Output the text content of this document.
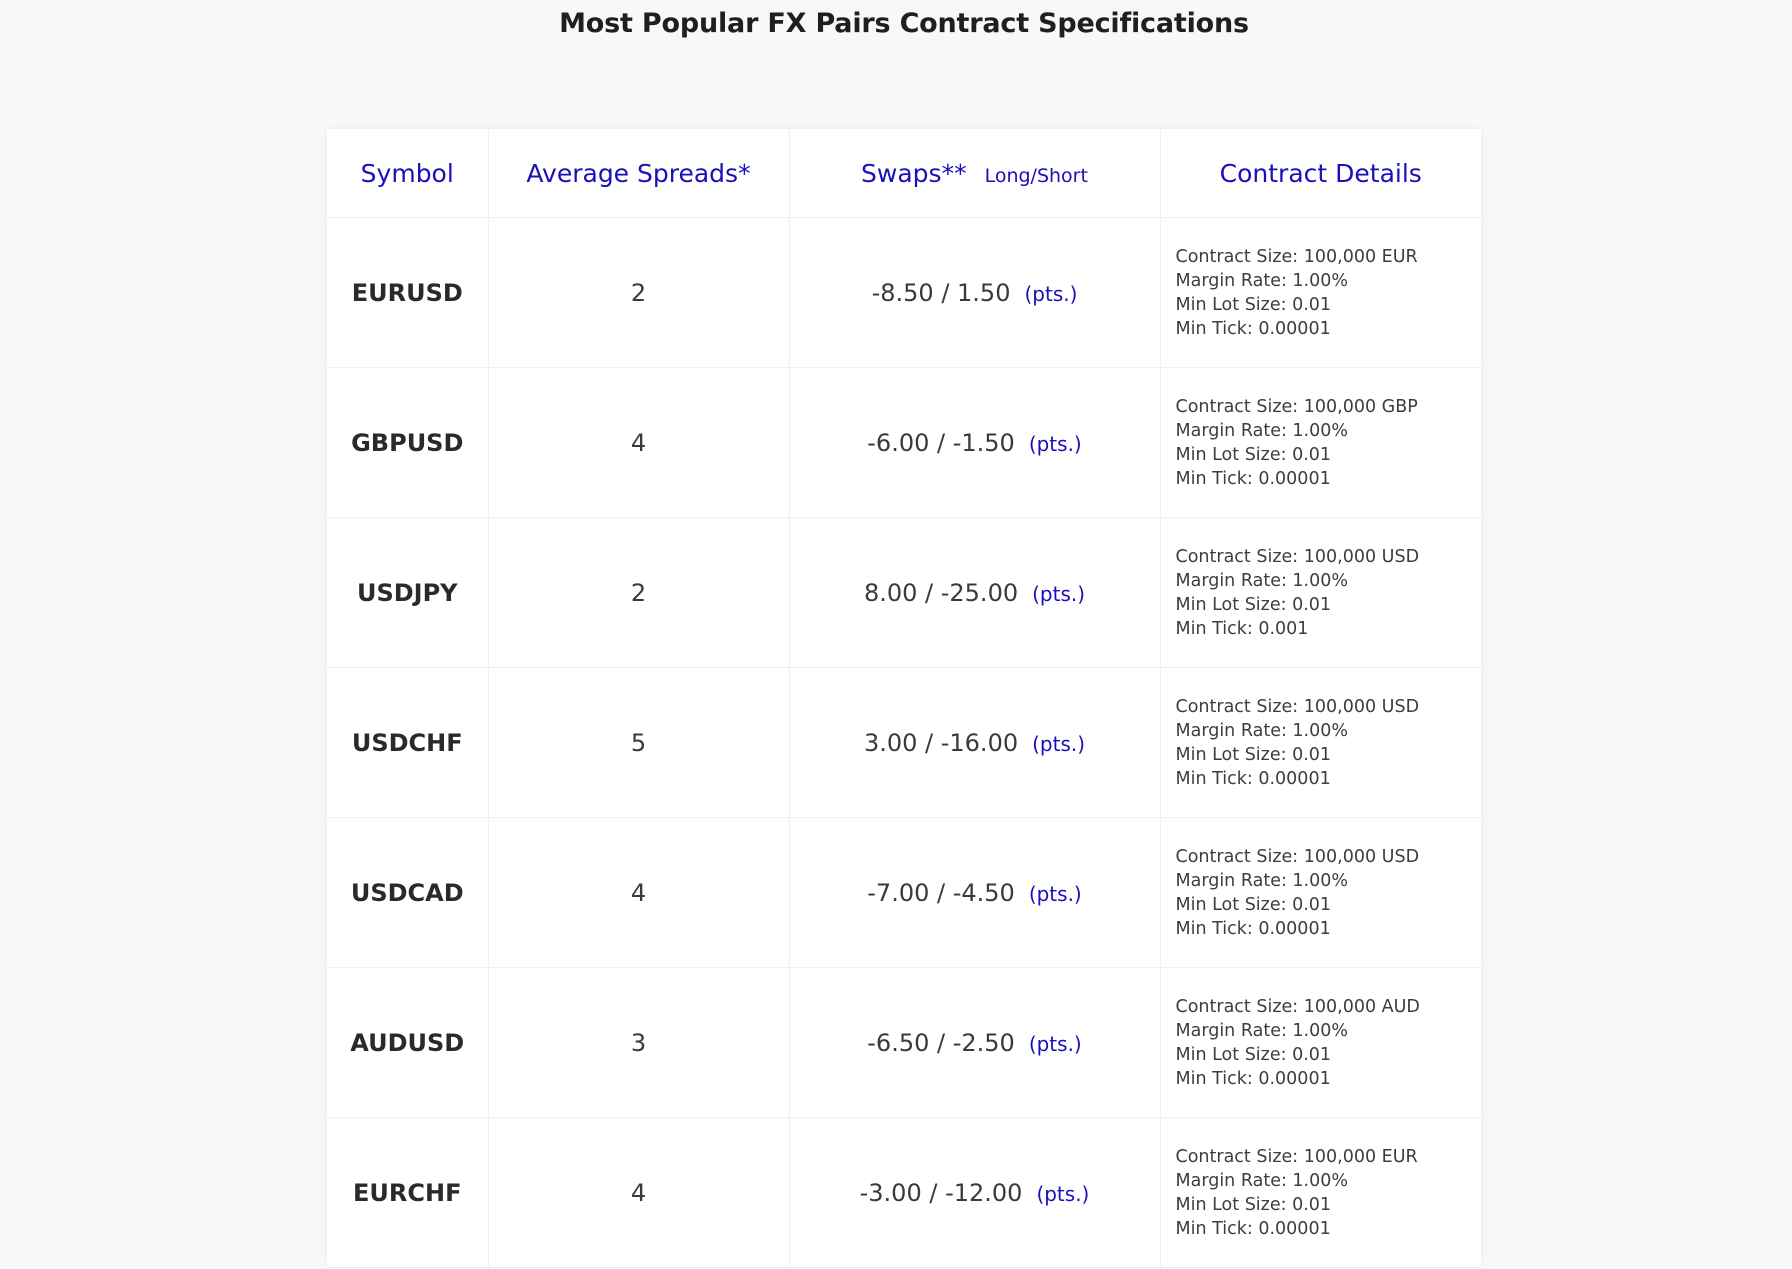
Most Popular FX Pairs Contract Specifications
Symbol	Average Spreads*	Swaps** Long/Short	Contract Details
EURUSD	2	-8.50 / 1.50 (pts.)	Contract Size: 100,000 EUR
Margin Rate: 1.00%
Min Lot Size: 0.01
Min Tick: 0.00001

GBPUSD	4	-6.00 / -1.50 (pts.)	Contract Size: 100,000 GBP
Margin Rate: 1.00%
Min Lot Size: 0.01
Min Tick: 0.00001

USDJPY	2	8.00 / -25.00 (pts.)	Contract Size: 100,000 USD
Margin Rate: 1.00%
Min Lot Size: 0.01
Min Tick: 0.001

USDCHF	5	3.00 / -16.00 (pts.)	Contract Size: 100,000 USD
Margin Rate: 1.00%
Min Lot Size: 0.01
Min Tick: 0.00001

USDCAD	4	-7.00 / -4.50 (pts.)	Contract Size: 100,000 USD
Margin Rate: 1.00%
Min Lot Size: 0.01
Min Tick: 0.00001

AUDUSD	3	-6.50 / -2.50 (pts.)	Contract Size: 100,000 AUD
Margin Rate: 1.00%
Min Lot Size: 0.01
Min Tick: 0.00001

EURCHF	4	-3.00 / -12.00 (pts.)	Contract Size: 100,000 EUR
Margin Rate: 1.00%
Min Lot Size: 0.01
Min Tick: 0.00001
